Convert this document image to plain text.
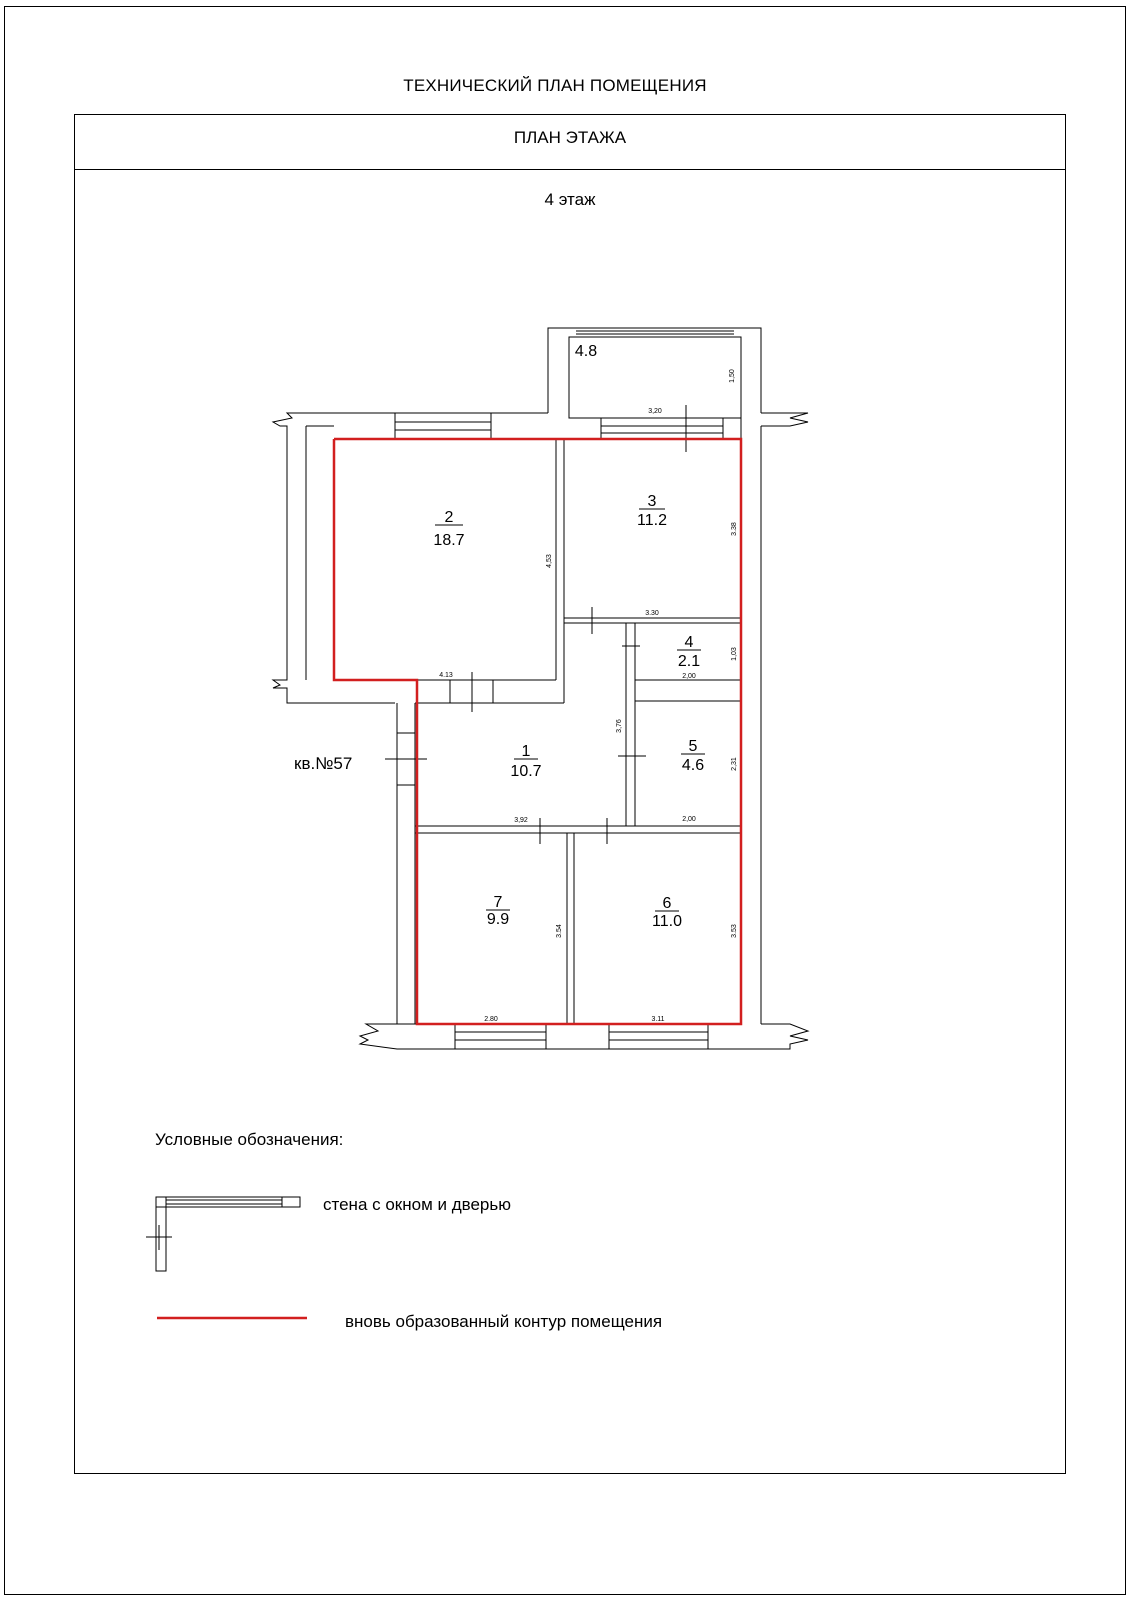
ТЕХНИЧЕСКИЙ ПЛАН ПОМЕЩЕНИЯ
ПЛАН ЭТАЖА
4 этаж
2
18.7
3
11.2
4
2.1
5
4.6
1
10.7
7
9.9
6
11.0
4.8
3,20
1,50
4.13
4,53
3.30
3.38
2,00
1,03
2,00
2,31
3,92
3,76
2.80
3.54
3.11
3.53
кв.№57
Условные обозначения:
стена с окном и дверью
вновь образованный контур помещения
